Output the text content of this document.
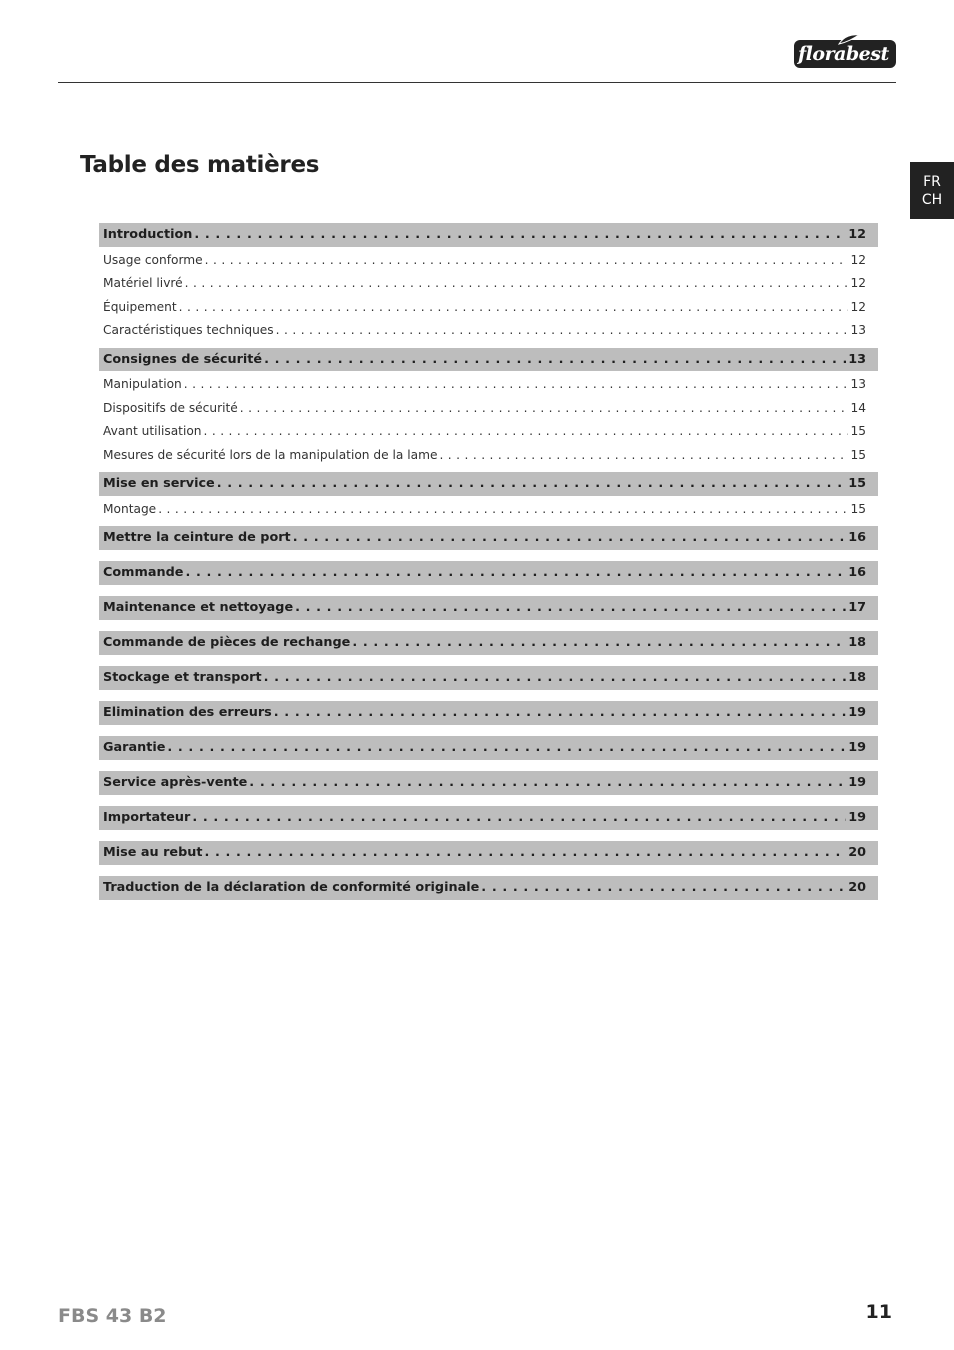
florabest
FR
CH
Table des matières
Introduction . . .	12
Usage conforme . . .	12
Matériel livré . . .	12
Équipement . . .	12
Caractéristiques techniques . . .	13
Consignes de sécurité . . .	13
Manipulation . . .	13
Dispositifs de sécurité . . .	14
Avant utilisation . . .	15
Mesures de sécurité lors de la manipulation de la lame . . .	15
Mise en service . . .	15
Montage . . .	15
Mettre la ceinture de port . . .	16
Commande . . .	16
Maintenance et nettoyage . . .	17
Commande de pièces de rechange . . .	18
Stockage et transport . . .	18
Elimination des erreurs . . .	19
Garantie . . .	19
Service après-vente . . .	19
Importateur . . .	19
Mise au rebut . . .	20
Traduction de la déclaration de conformité originale . . .	20
FBS 43 B2	11
